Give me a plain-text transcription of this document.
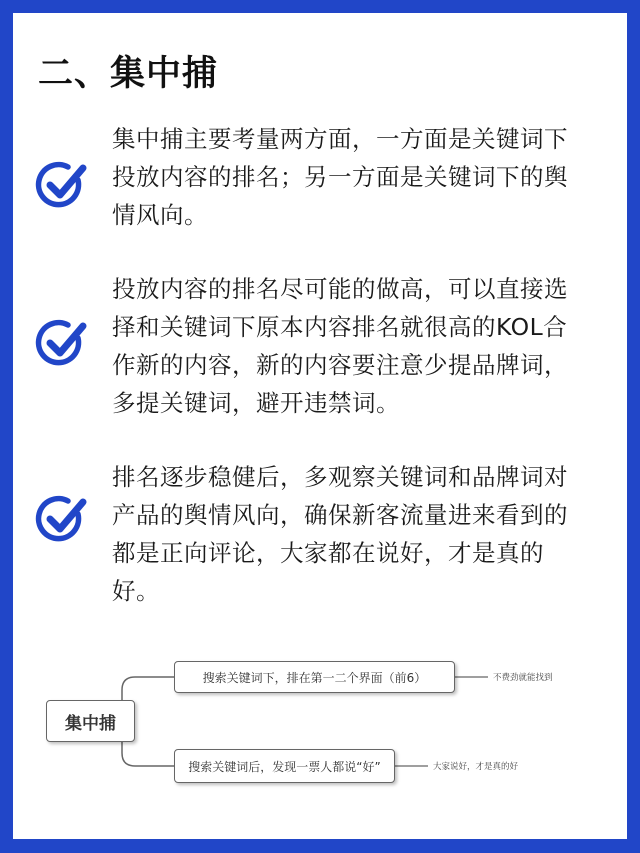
二、集中捕
集中捕主要考量两方面，一方面是关键词下投放内容的排名；另一方面是关键词下的舆情风向。
投放内容的排名尽可能的做高，可以直接选择和关键词下原本内容排名就很高的KOL合作新的内容，新的内容要注意少提品牌词，多提关键词，避开违禁词。
排名逐步稳健后，多观察关键词和品牌词对产品的舆情风向，确保新客流量进来看到的都是正向评论，大家都在说好，才是真的好。
集中捕
搜索关键词下，排在第一二个界面（前6）	不费劲就能找到
搜索关键词后，发现一票人都说“好”	大家说好，才是真的好
搜狐号@明黄课堂
